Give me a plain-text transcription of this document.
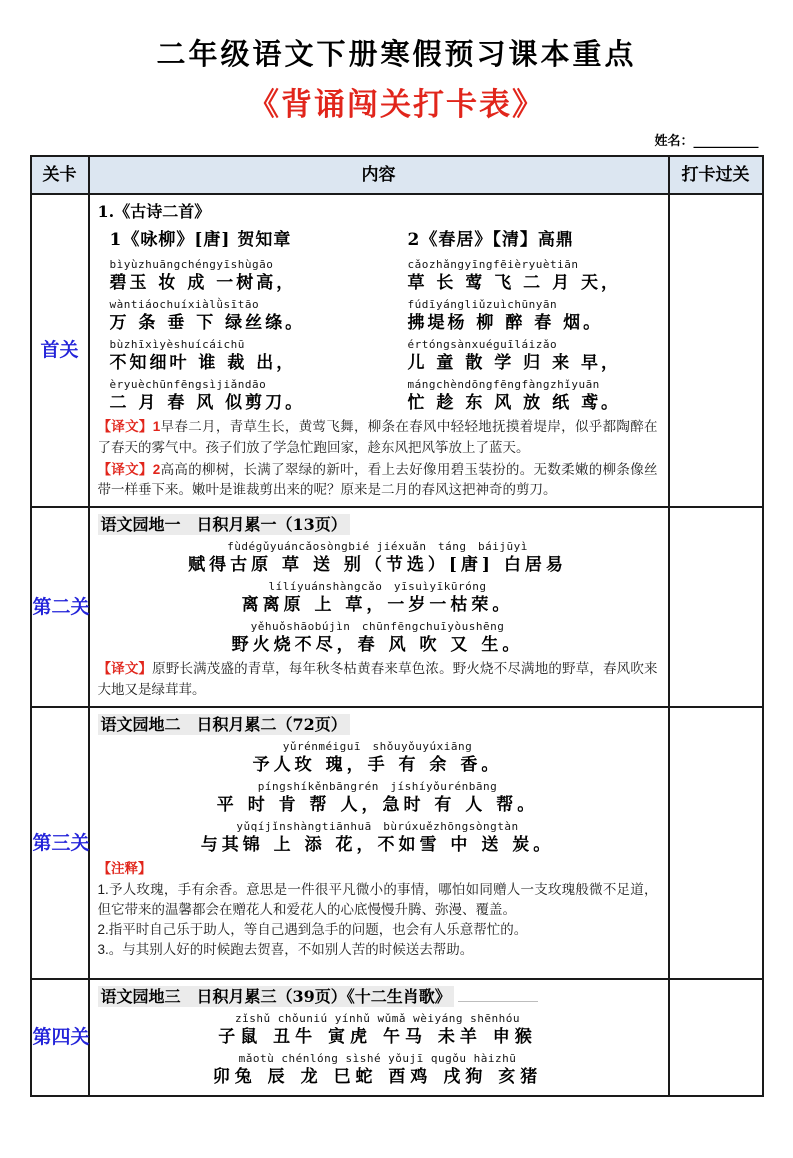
二年级语文下册寒假预习课本重点
《背诵闯关打卡表》
姓名：__________
关卡	内容	打卡过关
首关	
1.《古诗二首》
1《咏柳》[唐] 贺知章
bìyùzhuāngchéngyīshùgāo
碧玉 妆 成 一树高，
wàntiáochuíxiàlǜsītāo
万 条 垂 下 绿丝绦。
bùzhīxìyèshuícáichū
不知细叶 谁 裁 出，
èryuèchūnfēngsìjiǎndāo
二 月 春 风 似剪刀。
2《春居》【清】高鼎
cǎozhǎngyīngfēièryuètiān
草 长 莺 飞 二 月 天，
fúdīyángliǔzuìchūnyān
拂堤杨 柳 醉 春 烟。
értóngsànxuéguīláizǎo
儿 童 散 学 归 来 早，
mángchèndōngfēngfàngzhǐyuān
忙 趁 东 风 放 纸 鸢。
【译文】1早春二月，青草生长，黄莺飞舞，柳条在春风中轻轻地抚摸着堤岸，似乎都陶醉在了春天的雾气中。孩子们放了学急忙跑回家，趁东风把风筝放上了蓝天。
【译文】2高高的柳树，长满了翠绿的新叶，看上去好像用碧玉装扮的。无数柔嫩的柳条像丝带一样垂下来。嫩叶是谁裁剪出来的呢？原来是二月的春风这把神奇的剪刀。

第二关	
语文园地一　日积月累一（13页）
fùdégǔyuáncǎosòngbié jiéxuǎn　táng　báijūyì
赋得古原 草 送 别（节选）[唐] 白居易
lílíyuánshàngcǎo　yīsuìyīkūróng
离离原 上 草，一岁一枯荣。
yěhuǒshāobújìn　chūnfēngchuīyòushēng
野火烧不尽，春 风 吹 又 生。
【译文】原野长满茂盛的青草，每年秋冬枯黄春来草色浓。野火烧不尽满地的野草，春风吹来大地又是绿茸茸。

第三关	
语文园地二　日积月累二（72页）
yǔrénméiguī　shǒuyǒuyúxiāng
予人玫 瑰，手 有 余 香。
píngshíkěnbāngrén　jíshíyǒurénbāng
平 时 肯 帮 人，急时 有 人 帮。
yǔqíjǐnshàngtiānhuā　bùrúxuězhōngsòngtàn
与其锦 上 添 花，不如雪 中 送 炭。
【注释】
1.予人玫瑰，手有余香。意思是一件很平凡微小的事情，哪怕如同赠人一支玫瑰般微不足道，但它带来的温馨都会在赠花人和爱花人的心底慢慢升腾、弥漫、覆盖。
2.指平时自己乐于助人，等自己遇到急手的问题，也会有人乐意帮忙的。
3.。与其别人好的时候跑去贺喜，不如别人苦的时候送去帮助。

第四关	语文园地三　日积月累三（39页）《十二生肖歌》
zǐshǔ chǒuniú yínhǔ wǔmǎ wèiyáng shēnhóu
子鼠 丑牛 寅虎 午马 未羊 申猴
mǎotù chénlóng sìshé yǒujī qugǒu hàizhū
卯兔 辰 龙 巳蛇 酉鸡 戌狗 亥猪	
